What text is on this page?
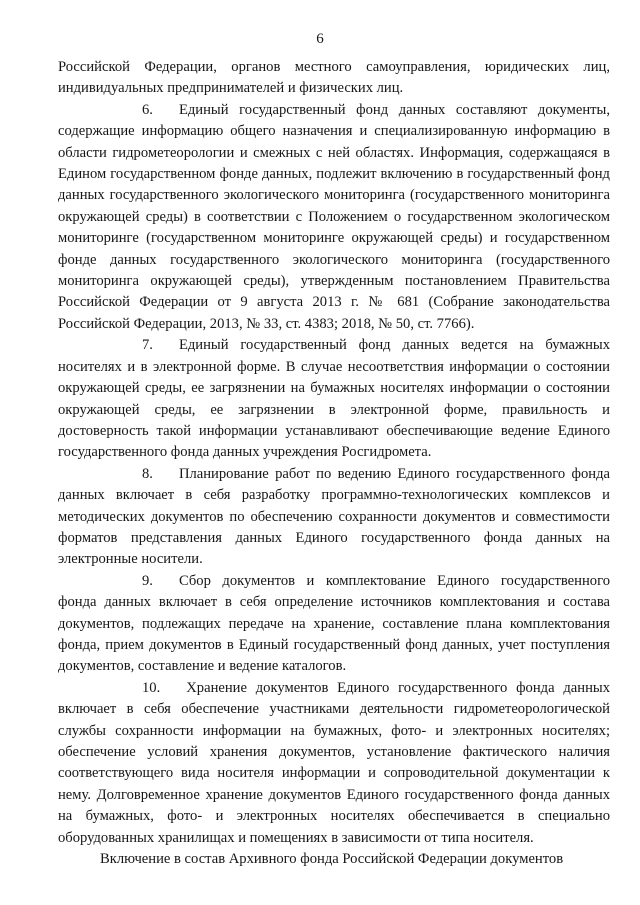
6

Российской Федерации, органов местного самоуправления, юридических лиц, индивидуальных предпринимателей и физических лиц.

6. Единый государственный фонд данных составляют документы, содержащие информацию общего назначения и специализированную информацию в области гидрометеорологии и смежных с ней областях. Информация, содержащаяся в Едином государственном фонде данных, подлежит включению в государственный фонд данных государственного экологического мониторинга (государственного мониторинга окружающей среды) в соответствии с Положением о государственном экологическом мониторинге (государственном мониторинге окружающей среды) и государственном фонде данных государственного экологического мониторинга (государственного мониторинга окружающей среды), утвержденным постановлением Правительства Российской Федерации от 9 августа 2013 г. № 681 (Собрание законодательства Российской Федерации, 2013, № 33, ст. 4383; 2018, № 50, ст. 7766).

7. Единый государственный фонд данных ведется на бумажных носителях и в электронной форме. В случае несоответствия информации о состоянии окружающей среды, ее загрязнении на бумажных носителях информации о состоянии окружающей среды, ее загрязнении в электронной форме, правильность и достоверность такой информации устанавливают обеспечивающие ведение Единого государственного фонда данных учреждения Росгидромета.

8. Планирование работ по ведению Единого государственного фонда данных включает в себя разработку программно-технологических комплексов и методических документов по обеспечению сохранности документов и совместимости форматов представления данных Единого государственного фонда данных на электронные носители.

9. Сбор документов и комплектование Единого государственного фонда данных включает в себя определение источников комплектования и состава документов, подлежащих передаче на хранение, составление плана комплектования фонда, прием документов в Единый государственный фонд данных, учет поступления документов, составление и ведение каталогов.

10. Хранение документов Единого государственного фонда данных включает в себя обеспечение участниками деятельности гидрометеорологической службы сохранности информации на бумажных, фото- и электронных носителях; обеспечение условий хранения документов, установление фактического наличия соответствующего вида носителя информации и сопроводительной документации к нему. Долговременное хранение документов Единого государственного фонда данных на бумажных, фото- и электронных носителях обеспечивается в специально оборудованных хранилищах и помещениях в зависимости от типа носителя.

Включение в состав Архивного фонда Российской Федерации документов
